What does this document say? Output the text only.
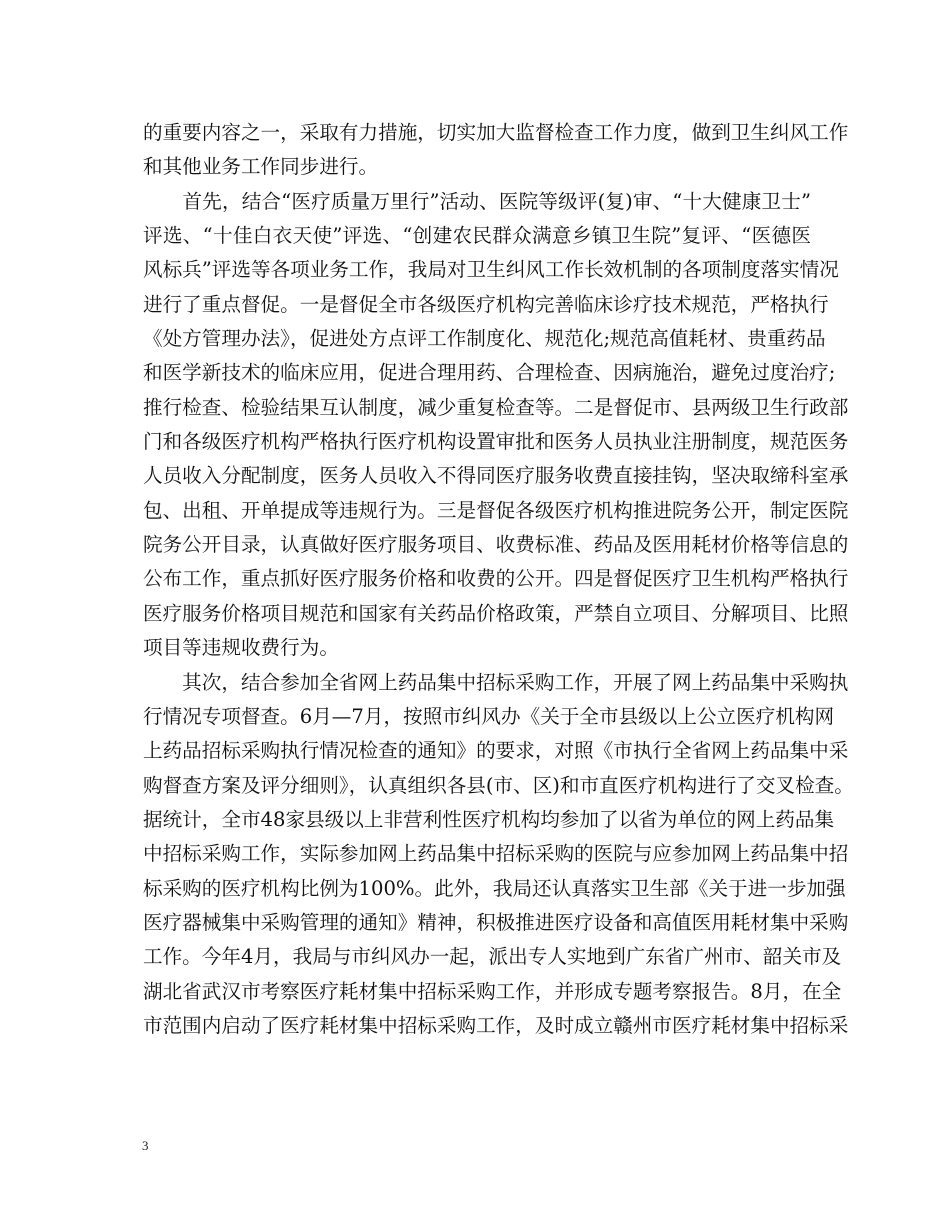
的重要内容之一，采取有力措施，切实加大监督检查工作力度，做到卫生纠风工作
和其他业务工作同步进行。
　　首先，结合“医疗质量万里行”活动、医院等级评(复)审、“十大健康卫士”
评选、“十佳白衣天使”评选、“创建农民群众满意乡镇卫生院”复评、“医德医
风标兵”评选等各项业务工作，我局对卫生纠风工作长效机制的各项制度落实情况
进行了重点督促。一是督促全市各级医疗机构完善临床诊疗技术规范，严格执行
《处方管理办法》，促进处方点评工作制度化、规范化;规范高值耗材、贵重药品
和医学新技术的临床应用，促进合理用药、合理检查、因病施治，避免过度治疗;
推行检查、检验结果互认制度，减少重复检查等。二是督促市、县两级卫生行政部
门和各级医疗机构严格执行医疗机构设置审批和医务人员执业注册制度，规范医务
人员收入分配制度，医务人员收入不得同医疗服务收费直接挂钩，坚决取缔科室承
包、出租、开单提成等违规行为。三是督促各级医疗机构推进院务公开，制定医院
院务公开目录，认真做好医疗服务项目、收费标准、药品及医用耗材价格等信息的
公布工作，重点抓好医疗服务价格和收费的公开。四是督促医疗卫生机构严格执行
医疗服务价格项目规范和国家有关药品价格政策，严禁自立项目、分解项目、比照
项目等违规收费行为。
　　其次，结合参加全省网上药品集中招标采购工作，开展了网上药品集中采购执
行情况专项督查。6月—7月，按照市纠风办《关于全市县级以上公立医疗机构网
上药品招标采购执行情况检查的通知》的要求，对照《市执行全省网上药品集中采
购督查方案及评分细则》，认真组织各县(市、区)和市直医疗机构进行了交叉检查。
据统计，全市48家县级以上非营利性医疗机构均参加了以省为单位的网上药品集
中招标采购工作，实际参加网上药品集中招标采购的医院与应参加网上药品集中招
标采购的医疗机构比例为100%。此外，我局还认真落实卫生部《关于进一步加强
医疗器械集中采购管理的通知》精神，积极推进医疗设备和高值医用耗材集中采购
工作。今年4月，我局与市纠风办一起，派出专人实地到广东省广州市、韶关市及
湖北省武汉市考察医疗耗材集中招标采购工作，并形成专题考察报告。8月，在全
市范围内启动了医疗耗材集中招标采购工作，及时成立赣州市医疗耗材集中招标采
3
